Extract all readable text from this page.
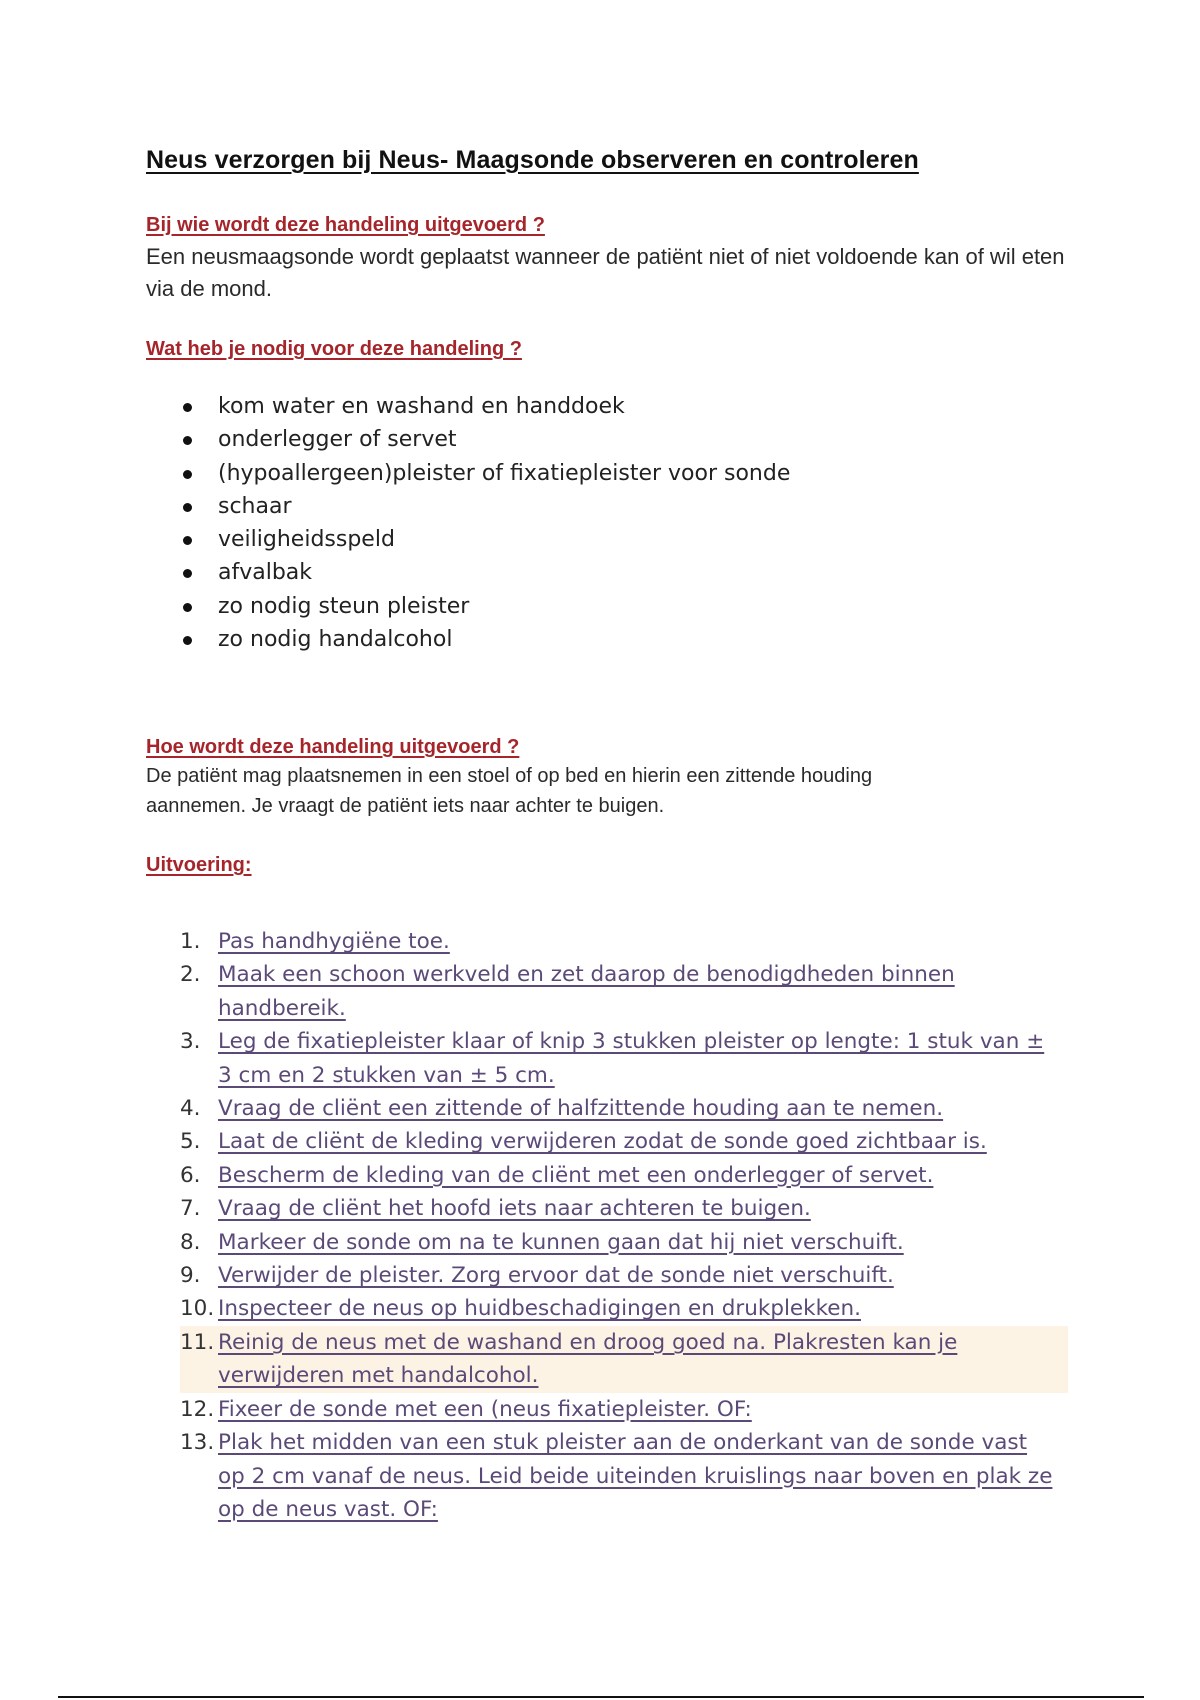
Neus verzorgen bij Neus- Maagsonde observeren en controleren
Bij wie wordt deze handeling uitgevoerd ?

Een neusmaagsonde wordt geplaatst wanneer de patiënt niet of niet voldoende kan of wil eten via de mond.

Wat heb je nodig voor deze handeling ?
kom water en washand en handdoek
onderlegger of servet
(hypoallergeen)pleister of fixatiepleister voor sonde
schaar
veiligheidsspeld
afvalbak
zo nodig steun pleister
zo nodig handalcohol
Hoe wordt deze handeling uitgevoerd ?

De patiënt mag plaatsnemen in een stoel of op bed en hierin een zittende houding aannemen. Je vraagt de patiënt iets naar achter te buigen.

Uitvoering:
1. Pas handhygiëne toe.
2. Maak een schoon werkveld en zet daarop de benodigdheden binnen handbereik.
3. Leg de fixatiepleister klaar of knip 3 stukken pleister op lengte: 1 stuk van ± 3 cm en 2 stukken van ± 5 cm.
4. Vraag de cliënt een zittende of halfzittende houding aan te nemen.
5. Laat de cliënt de kleding verwijderen zodat de sonde goed zichtbaar is.
6. Bescherm de kleding van de cliënt met een onderlegger of servet.
7. Vraag de cliënt het hoofd iets naar achteren te buigen.
8. Markeer de sonde om na te kunnen gaan dat hij niet verschuift.
9. Verwijder de pleister. Zorg ervoor dat de sonde niet verschuift.
10. Inspecteer de neus op huidbeschadigingen en drukplekken.
11. Reinig de neus met de washand en droog goed na. Plakresten kan je verwijderen met handalcohol.
12. Fixeer de sonde met een (neus fixatiepleister. OF:
13. Plak het midden van een stuk pleister aan de onderkant van de sonde vast op 2 cm vanaf de neus. Leid beide uiteinden kruislings naar boven en plak ze op de neus vast. OF:
